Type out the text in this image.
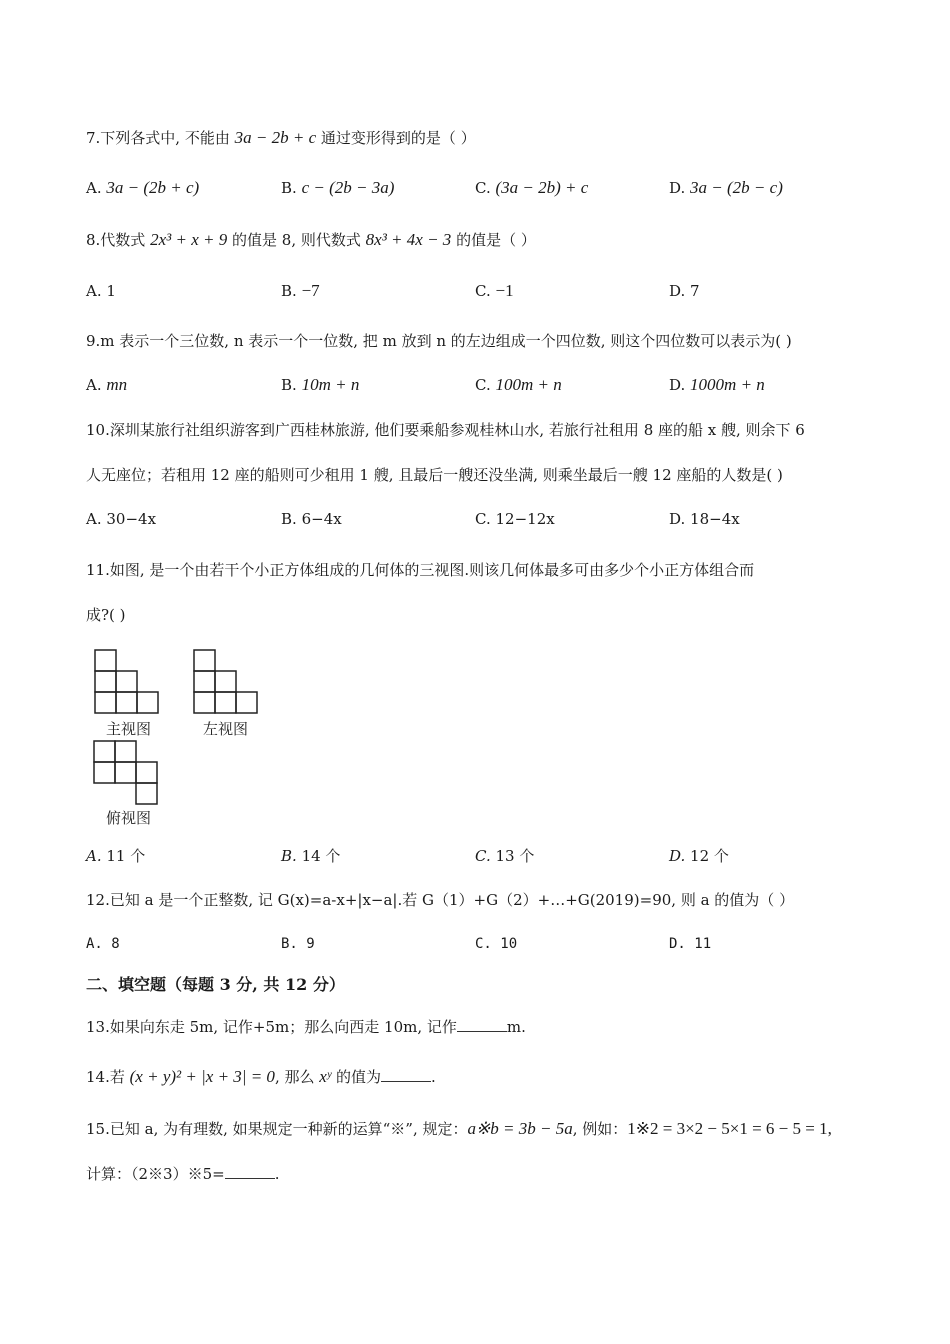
7.下列各式中, 不能由 3a − 2b + c 通过变形得到的是（ ）
A. 3a − (2b + c)	B. c − (2b − 3a)	C. (3a − 2b) + c	D. 3a − (2b − c)
8.代数式 2x³ + x + 9 的值是 8, 则代数式 8x³ + 4x − 3 的值是（ ）
A. 1	B. −7	C. −1	D. 7
9.m 表示一个三位数, n 表示一个一位数, 把 m 放到 n 的左边组成一个四位数, 则这个四位数可以表示为( )
A. mn	B. 10m + n	C. 100m + n	D. 1000m + n
10.深圳某旅行社组织游客到广西桂林旅游, 他们要乘船参观桂林山水, 若旅行社租用 8 座的船 x 艘, 则余下 6
人无座位；若租用 12 座的船则可少租用 1 艘, 且最后一艘还没坐满, 则乘坐最后一艘 12 座船的人数是( )
A. 30−4x	B. 6−4x	C. 12−12x	D. 18−4x
11.如图, 是一个由若干个小正方体组成的几何体的三视图.则该几何体最多可由多少个小正方体组合而
成?( )
主视图	左视图
俯视图
A. 11 个	B. 14 个	C. 13 个	D. 12 个
12.已知 a 是一个正整数, 记 G(x)=a-x+|x−a|.若 G（1）+G（2）+…+G(2019)=90, 则 a 的值为（ ）
A. 8	B. 9	C. 10	D. 11
二、填空题（每题 3 分, 共 12 分）
13.如果向东走 5m, 记作+5m；那么向西走 10m, 记作	m.
14.若 (x + y)² + |x + 3| = 0, 那么 xʸ 的值为	.
15.已知 a, 为有理数, 如果规定一种新的运算“※”, 规定：a※b = 3b − 5a, 例如：1※2 = 3×2 − 5×1 = 6 − 5 = 1,
计算：（2※3）※5=	.
